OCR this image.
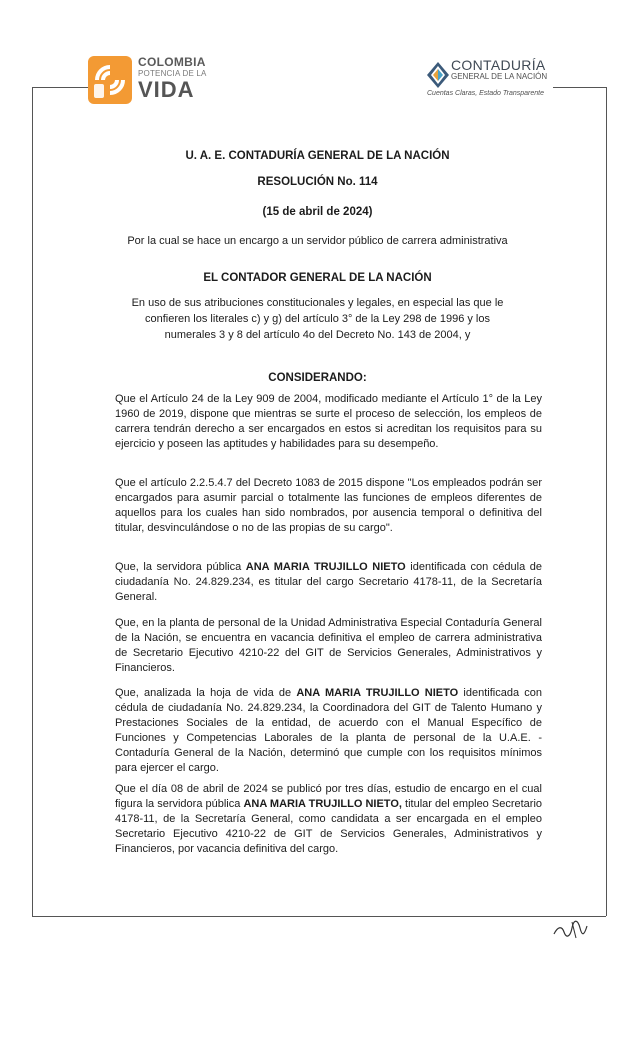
COLOMBIA
POTENCIA DE LA
VIDA
CONTADURÍA
GENERAL DE LA NACIÓN
Cuentas Claras, Estado Transparente
U. A. E. CONTADURÍA GENERAL DE LA NACIÓN
RESOLUCIÓN No. 114
(15 de abril de 2024)
Por la cual se hace un encargo a un servidor público de carrera administrativa
EL CONTADOR GENERAL DE LA NACIÓN
En uso de sus atribuciones constitucionales y legales, en especial las que le
confieren los literales c) y g) del artículo 3° de la Ley 298 de 1996 y los
numerales 3 y 8 del artículo 4o del Decreto No. 143 de 2004, y
CONSIDERANDO:

Que el Artículo 24 de la Ley 909 de 2004, modificado mediante el Artículo 1° de la Ley 1960 de 2019, dispone que mientras se surte el proceso de selección, los empleos de carrera tendrán derecho a ser encargados en estos si acreditan los requisitos para su ejercicio y poseen las aptitudes y habilidades para su desempeño.

Que el artículo 2.2.5.4.7 del Decreto 1083 de 2015 dispone "Los empleados podrán ser encargados para asumir parcial o totalmente las funciones de empleos diferentes de aquellos para los cuales han sido nombrados, por ausencia temporal o definitiva del titular, desvinculándose o no de las propias de su cargo".

Que, la servidora pública ANA MARIA TRUJILLO NIETO identificada con cédula de ciudadanía No. 24.829.234, es titular del cargo Secretario 4178-11, de la Secretaría General.

Que, en la planta de personal de la Unidad Administrativa Especial Contaduría General de la Nación, se encuentra en vacancia definitiva el empleo de carrera administrativa de Secretario Ejecutivo 4210-22 del GIT de Servicios Generales, Administrativos y Financieros.

Que, analizada la hoja de vida de ANA MARIA TRUJILLO NIETO identificada con cédula de ciudadanía No. 24.829.234, la Coordinadora del GIT de Talento Humano y Prestaciones Sociales de la entidad, de acuerdo con el Manual Específico de Funciones y Competencias Laborales de la planta de personal de la U.A.E. - Contaduría General de la Nación, determinó que cumple con los requisitos mínimos para ejercer el cargo.

Que el día 08 de abril de 2024 se publicó por tres días, estudio de encargo en el cual figura la servidora pública ANA MARIA TRUJILLO NIETO, titular del empleo Secretario 4178-11, de la Secretaría General, como candidata a ser encargada en el empleo Secretario Ejecutivo 4210-22 de GIT de Servicios Generales, Administrativos y Financieros, por vacancia definitiva del cargo.
